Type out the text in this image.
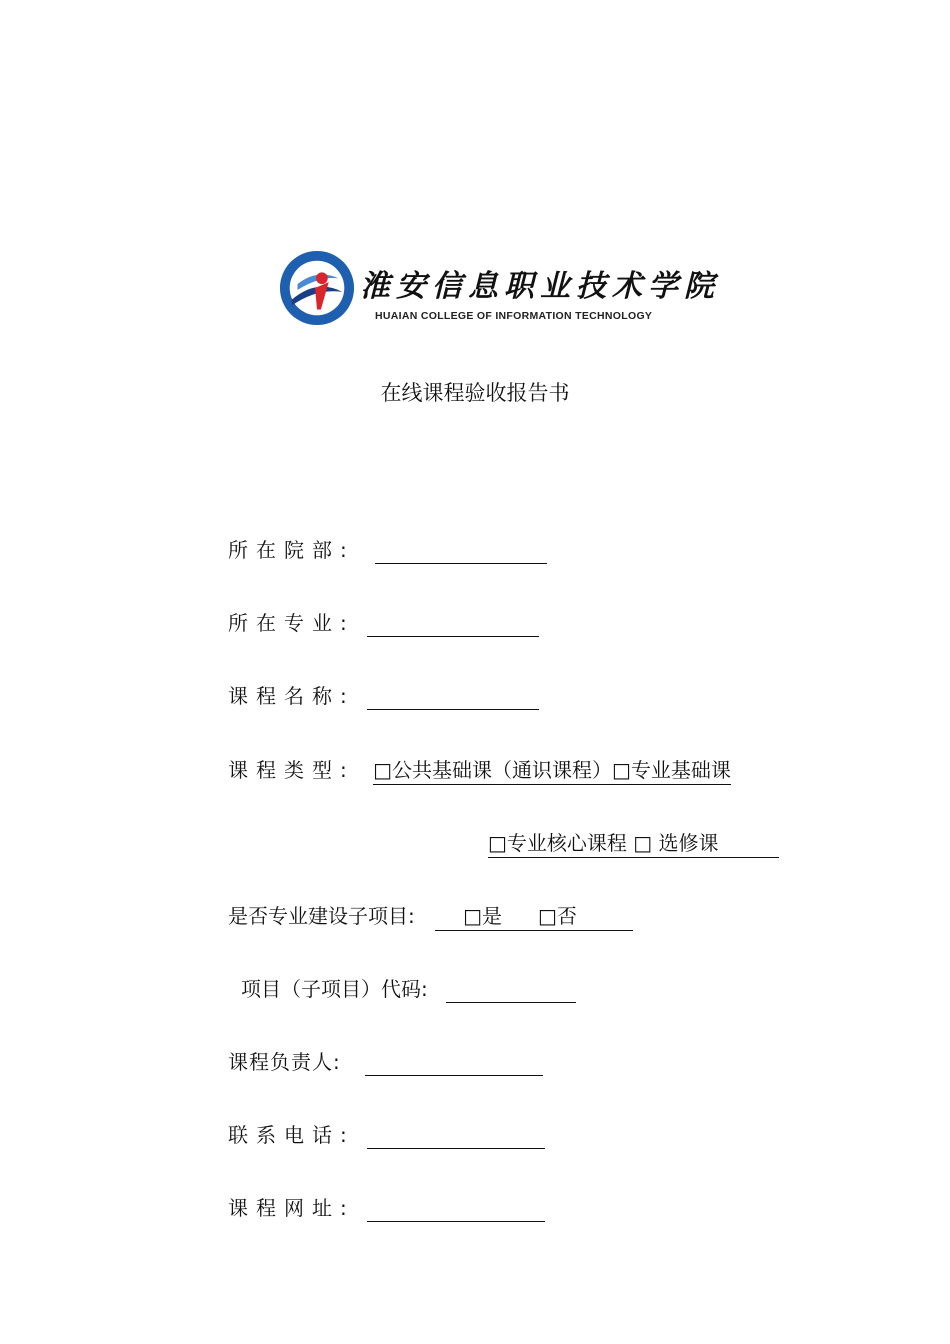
淮安信息职业技术学院
HUAIAN COLLEGE OF INFORMATION TECHNOLOGY
在线课程验收报告书
所在院部:
所在专业:
课程名称:
课程类型: □公共基础课（通识课程）□专业基础课
□专业核心课程 □ 选修课
是否专业建设子项目: □是 □否
项目（子项目）代码:
课程负责人:
联系电话:
课程网址:
